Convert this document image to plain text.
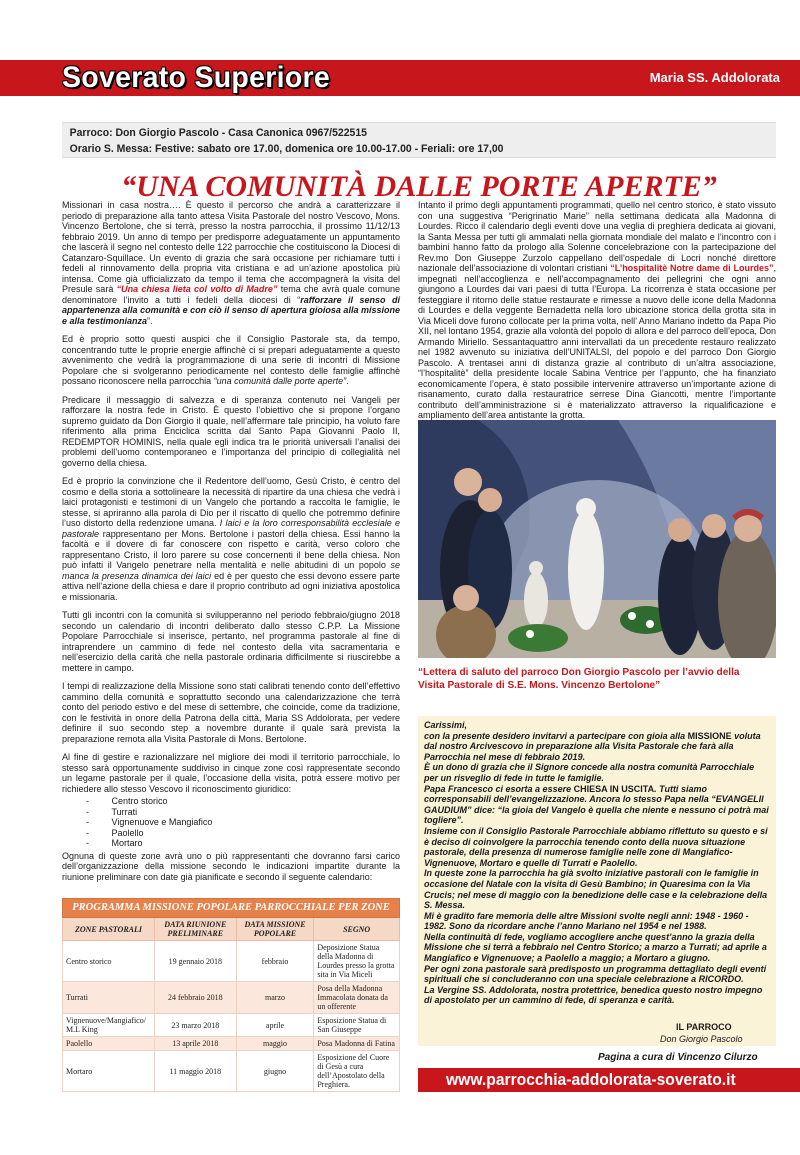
Soverato Superiore	Maria SS. Addolorata
Parroco: Don Giorgio Pascolo - Casa Canonica 0967/522515
Orario S. Messa: Festive: sabato ore 17.00, domenica ore 10.00-17.00 - Feriali: ore 17,00
“UNA COMUNITÀ DALLE PORTE APERTE”

Missionari in casa nostra…. È questo il percorso che andrà a caratterizzare il periodo di preparazione alla tanto attesa Visita Pastorale del nostro Vescovo, Mons. Vincenzo Bertolone, che si terrà, presso la nostra parrocchia, il prossimo 11/12/13 febbraio 2019. Un anno di tempo per predisporre adeguatamente un appuntamento che lascerà il segno nel contesto delle 122 parrocchie che costituiscono la Diocesi di Catanzaro-Squillace. Un evento di grazia che sarà occasione per richiamare tutti i fedeli al rinnovamento della propria vita cristiana e ad un’azione apostolica più intensa. Come già ufficializzato da tempo il tema che accompagnerà la visita del Presule sarà “Una chiesa lieta col volto di Madre” tema che avrà quale comune denominatore l’invito a tutti i fedeli della diocesi di “rafforzare il senso di appartenenza alla comunità e con ciò il senso di apertura gioiosa alla missione e alla testimonianza”.

Ed è proprio sotto questi auspici che il Consiglio Pastorale sta, da tempo, concentrando tutte le proprie energie affinchè ci si prepari adeguatamente a questo avvenimento che vedrà la programmazione di una serie di incontri di Missione Popolare che si svolgeranno periodicamente nel contesto delle famiglie affinchè possano riconoscere nella parrocchia “una comunità dalle porte aperte”.

Predicare il messaggio di salvezza e di speranza contenuto nei Vangeli per rafforzare la nostra fede in Cristo. È questo l’obiettivo che si propone l’organo supremo guidato da Don Giorgio il quale, nell’affermare tale principio, ha voluto fare riferimento alla prima Enciclica scritta dal Santo Papa Giovanni Paolo II, REDEMPTOR HOMINIS, nella quale egli indica tra le priorità universali l’analisi dei problemi dell’uomo contemporaneo e l’importanza del principio di collegialità nel governo della chiesa.

Ed è proprio la convinzione che il Redentore dell’uomo, Gesù Cristo, è centro del cosmo e della storia a sottolineare la necessità di ripartire da una chiesa che vedrà i laici protagonisti e testimoni di un Vangelo che portando a raccolta le famiglie, le stesse, si apriranno alla parola di Dio per il riscatto di quello che potremmo definire l’uso distorto della redenzione umana. I laici e la loro corresponsabilità ecclesiale e pastorale rappresentano per Mons. Bertolone i pastori della chiesa. Essi hanno la facoltà e il dovere di far conoscere con rispetto e carità, verso coloro che rappresentano Cristo, il loro parere su cose concernenti il bene della chiesa. Non può infatti il Vangelo penetrare nella mentalità e nelle abitudini di un popolo se manca la presenza dinamica dei laici ed è per questo che essi devono essere parte attiva nell’azione della chiesa e dare il proprio contributo ad ogni iniziativa apostolica e missionaria.

Tutti gli incontri con la comunità si svilupperanno nel periodo febbraio/giugno 2018 secondo un calendario di incontri deliberato dallo stesso C.P.P. La Missione Popolare Parrocchiale si inserisce, pertanto, nel programma pastorale al fine di intraprendere un cammino di fede nel contesto della vita sacramentaria e nell’esercizio della carità che nella pastorale ordinaria difficilmente si riuscirebbe a mettere in campo.

I tempi di realizzazione della Missione sono stati calibrati tenendo conto dell’effettivo cammino della comunità e soprattutto secondo una calendarizzazione che terrà conto del periodo estivo e del mese di settembre, che coincide, come da tradizione, con le festività in onore della Patrona della città, Maria SS Addolorata, per vedere definire il suo secondo step a novembre durante il quale sarà prevista la preparazione remota alla Visita Pastorale di Mons. Bertolone.

Al fine di gestire e razionalizzare nel migliore dei modi il territorio parrocchiale, lo stesso sarà opportunamente suddiviso in cinque zone così rappresentate secondo un legame pastorale per il quale, l’occasione della visita, potrà essere motivo per richiedere allo stesso Vescovo il riconoscimento giuridico:

- Centro storico
- Turrati
- Vignenuove e Mangiafico
- Paolello
- Mortaro

Ognuna di queste zone avrà uno o più rappresentanti che dovranno farsi carico dell’organizzazione della missione secondo le indicazioni impartite durante la riunione preliminare con date già pianificate e secondo il seguente calendario:

PROGRAMMA MISSIONE POPOLARE PARROCCHIALE PER ZONE			
ZONE PASTORALI	DATA RIUNIONE PRELIMINARE	DATA MISSIONE POPOLARE	SEGNO
Centro storico	19 gennaio 2018	febbraio	Deposizione Statua della Madonna di Lourdes presso la grotta sita in Via Miceli
Turrati	24 febbraio 2018	marzo	Posa della Madonna Immacolata donata da un offerente
Vignenuove/Mangiafico/ M.L King	23 marzo 2018	aprile	Esposizione Statua di San Giuseppe
Paolello	13 aprile 2018	maggio	Posa Madonna di Fatina
Mortaro	11 maggio 2018	giugno	Esposizione del Cuore di Gesù a cura dell’Apostolato della Preghiera.

Intanto il primo degli appuntamenti programmati, quello nel centro storico, è stato vissuto con una suggestiva “Perigrinatio Marie” nella settimana dedicata alla Madonna di Lourdes. Ricco il calendario degli eventi dove una veglia di preghiera dedicata ai giovani, la Santa Messa per tutti gli ammalati nella giornata mondiale del malato e l’incontro con i bambini hanno fatto da prologo alla Solenne concelebrazione con la partecipazione del Rev.mo Don Giuseppe Zurzolo cappellano dell’ospedale di Locri nonché direttore nazionale dell’associazione di volontari cristiani “L’hospitalitè Notre dame di Lourdes”, impegnati nell’accoglienza e nell’accompagnamento dei pellegrini che ogni anno giungono a Lourdes dai vari paesi di tutta l’Europa. La ricorrenza è stata occasione per festeggiare il ritorno delle statue restaurate e rimesse a nuovo delle icone della Madonna di Lourdes e della veggente Bernadetta nella loro ubicazione storica della grotta sita in Via Miceli dove furono collocate per la prima volta, nell’ Anno Mariano indetto da Papa Pio XII, nel lontano 1954, grazie alla volontà del popolo di allora e del parroco dell’epoca, Don Armando Miriello. Sessantaquattro anni intervallati da un precedente restauro realizzato nel 1982 avvenuto su iniziativa dell’UNITALSI, del popolo e del parroco Don Giorgio Pascolo. A trentasei anni di distanza grazie al contributo di un’altra associazione, “l’hospitalitè” della presidente locale Sabina Ventrice per l’appunto, che ha finanziato economicamente l’opera, è stato possibile intervenire attraverso un’importante azione di risanamento, curato dalla restauratrice serrese Dina Giancotti, mentre l’importante contributo dell’amministrazione si è materializzato attraverso la riqualificazione e ampliamento dell’area antistante la grotta.

“Lettera di saluto del parroco Don Giorgio Pascolo per l’avvio della Visita Pastorale di S.E. Mons. Vincenzo Bertolone”

Carissimi,

con la presente desidero invitarvi a partecipare con gioia alla MISSIONE voluta dal nostro Arcivescovo in preparazione alla Visita Pastorale che farà alla Parrocchia nel mese di febbraio 2019.

È un dono di grazia che il Signore concede alla nostra comunità Parrocchiale per un risveglio di fede in tutte le famiglie.

Papa Francesco ci esorta a essere CHIESA IN USCITA. Tutti siamo corresponsabili dell’evangelizzazione. Ancora lo stesso Papa nella “EVANGELII GAUDIUM” dice: “la gioia del Vangelo è quella che niente e nessuno ci potrà mai togliere”.

Insieme con il Consiglio Pastorale Parrocchiale abbiamo riflettuto su questo e si è deciso di coinvolgere la parrocchia tenendo conto della nuova situazione pastorale, della presenza di numerose famiglie nelle zone di Mangiafico-Vignenuove, Mortaro e quelle di Turrati e Paolello.

In queste zone la parrocchia ha già svolto iniziative pastorali con le famiglie in occasione del Natale con la visita di Gesù Bambino; in Quaresima con la Via Crucis; nel mese di maggio con la benedizione delle case e la celebrazione della S. Messa.

Mi è gradito fare memoria delle altre Missioni svolte negli anni: 1948 - 1960 - 1982. Sono da ricordare anche l’anno Mariano nel 1954 e nel 1988.

Nella continuità di fede, vogliamo accogliere anche quest’anno la grazia della Missione che si terrà a febbraio nel Centro Storico; a marzo a Turrati; ad aprile a Mangiafico e Vignenuove; a Paolello a maggio; a Mortaro a giugno.

Per ogni zona pastorale sarà predisposto un programma dettagliato degli eventi spirituali che si concluderanno con una speciale celebrazione a RICORDO.

La Vergine SS. Addolorata, nostra protettrice, benedica questo nostro impegno di apostolato per un cammino di fede, di speranza e carità.

IL PARROCO
Don Giorgio Pascolo
Pagina a cura di Vincenzo Cilurzo
www.parrocchia-addolorata-soverato.it
